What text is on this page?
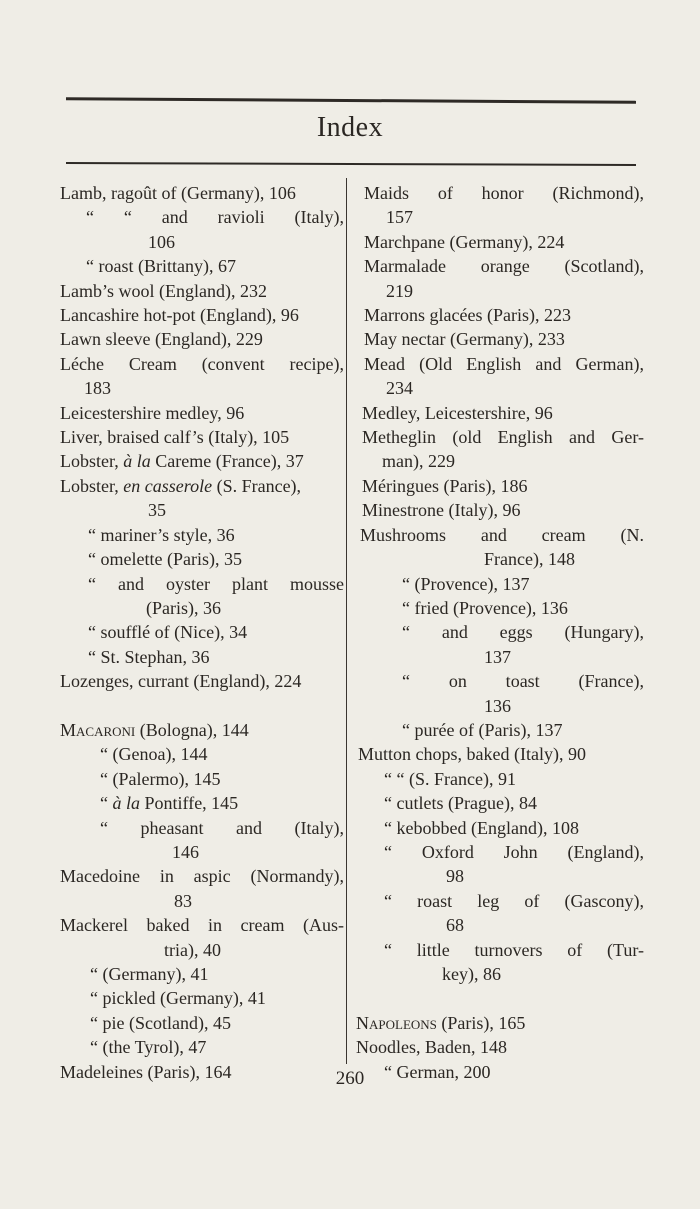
Index
Lamb, ragoût of (Germany), 106
“ “ and ravioli (Italy),
106
“ roast (Brittany), 67
Lamb’s wool (England), 232
Lancashire hot-pot (England), 96
Lawn sleeve (England), 229
Léche Cream (convent recipe),
183
Leicestershire medley, 96
Liver, braised calf’s (Italy), 105
Lobster, à la Careme (France), 37
Lobster, en casserole (S. France),
35
“ mariner’s style, 36
“ omelette (Paris), 35
“ and oyster plant mousse
(Paris), 36
“ soufflé of (Nice), 34
“ St. Stephan, 36
Lozenges, currant (England), 224
Macaroni (Bologna), 144
“ (Genoa), 144
“ (Palermo), 145
“ à la Pontiffe, 145
“ pheasant and (Italy),
146
Macedoine in aspic (Normandy),
83
Mackerel baked in cream (Aus-
tria), 40
“ (Germany), 41
“ pickled (Germany), 41
“ pie (Scotland), 45
“ (the Tyrol), 47
Madeleines (Paris), 164
Maids of honor (Richmond),
157
Marchpane (Germany), 224
Marmalade orange (Scotland),
219
Marrons glacées (Paris), 223
May nectar (Germany), 233
Mead (Old English and German),
234
Medley, Leicestershire, 96
Metheglin (old English and Ger-
man), 229
Méringues (Paris), 186
Minestrone (Italy), 96
Mushrooms and cream (N.
France), 148
“ (Provence), 137
“ fried (Provence), 136
“ and eggs (Hungary),
137
“ on toast (France),
136
“ purée of (Paris), 137
Mutton chops, baked (Italy), 90
“ “ (S. France), 91
“ cutlets (Prague), 84
“ kebobbed (England), 108
“ Oxford John (England),
98
“ roast leg of (Gascony),
68
“ little turnovers of (Tur-
key), 86
Napoleons (Paris), 165
Noodles, Baden, 148
“ German, 200
260
